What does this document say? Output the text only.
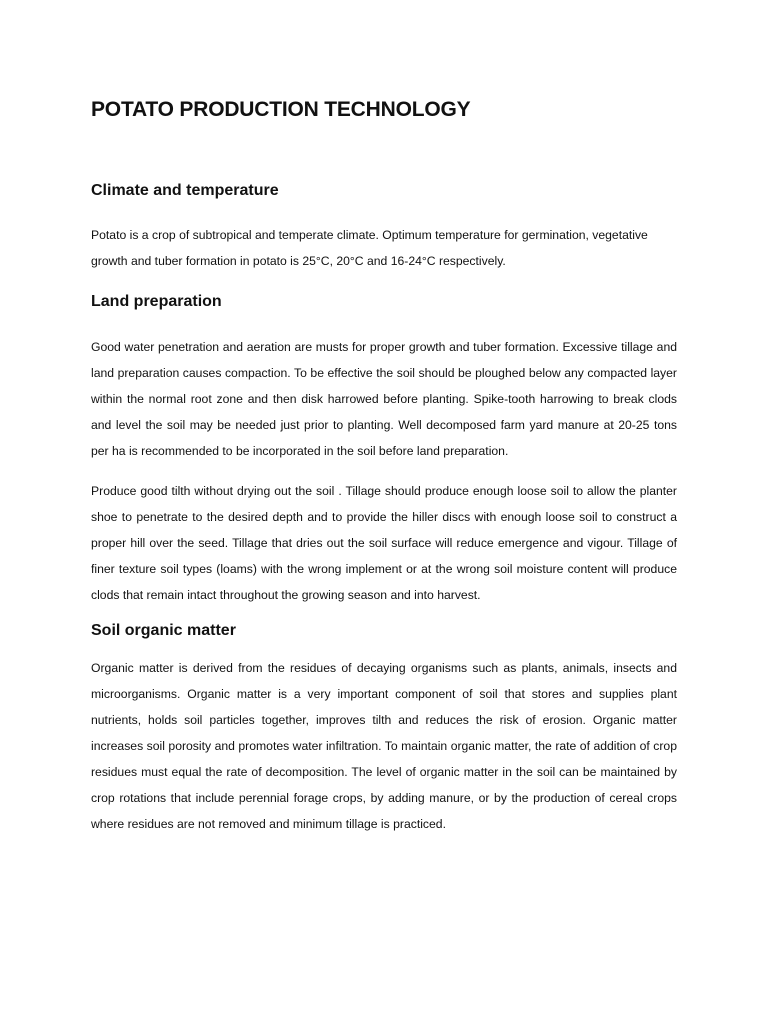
POTATO PRODUCTION TECHNOLOGY
Climate and temperature

Potato is a crop of subtropical and temperate climate. Optimum temperature for germination, vegetative growth and tuber formation in potato is 25°C, 20°C and 16-24°C respectively.

Land preparation

Good water penetration and aeration are musts for proper growth and tuber formation. Excessive tillage and land preparation causes compaction. To be effective the soil should be ploughed below any compacted layer within the normal root zone and then disk harrowed before planting. Spike-tooth harrowing to break clods and level the soil may be needed just prior to planting. Well decomposed farm yard manure at 20-25 tons per ha is recommended to be incorporated in the soil before land preparation.

Produce good tilth without drying out the soil . Tillage should produce enough loose soil to allow the planter shoe to penetrate to the desired depth and to provide the hiller discs with enough loose soil to construct a proper hill over the seed. Tillage that dries out the soil surface will reduce emergence and vigour. Tillage of finer texture soil types (loams) with the wrong implement or at the wrong soil moisture content will produce clods that remain intact throughout the growing season and into harvest.

Soil organic matter

Organic matter is derived from the residues of decaying organisms such as plants, animals, insects and microorganisms. Organic matter is a very important component of soil that stores and supplies plant nutrients, holds soil particles together, improves tilth and reduces the risk of erosion. Organic matter increases soil porosity and promotes water infiltration. To maintain organic matter, the rate of addition of crop residues must equal the rate of decomposition. The level of organic matter in the soil can be maintained by crop rotations that include perennial forage crops, by adding manure, or by the production of cereal crops where residues are not removed and minimum tillage is practiced.
